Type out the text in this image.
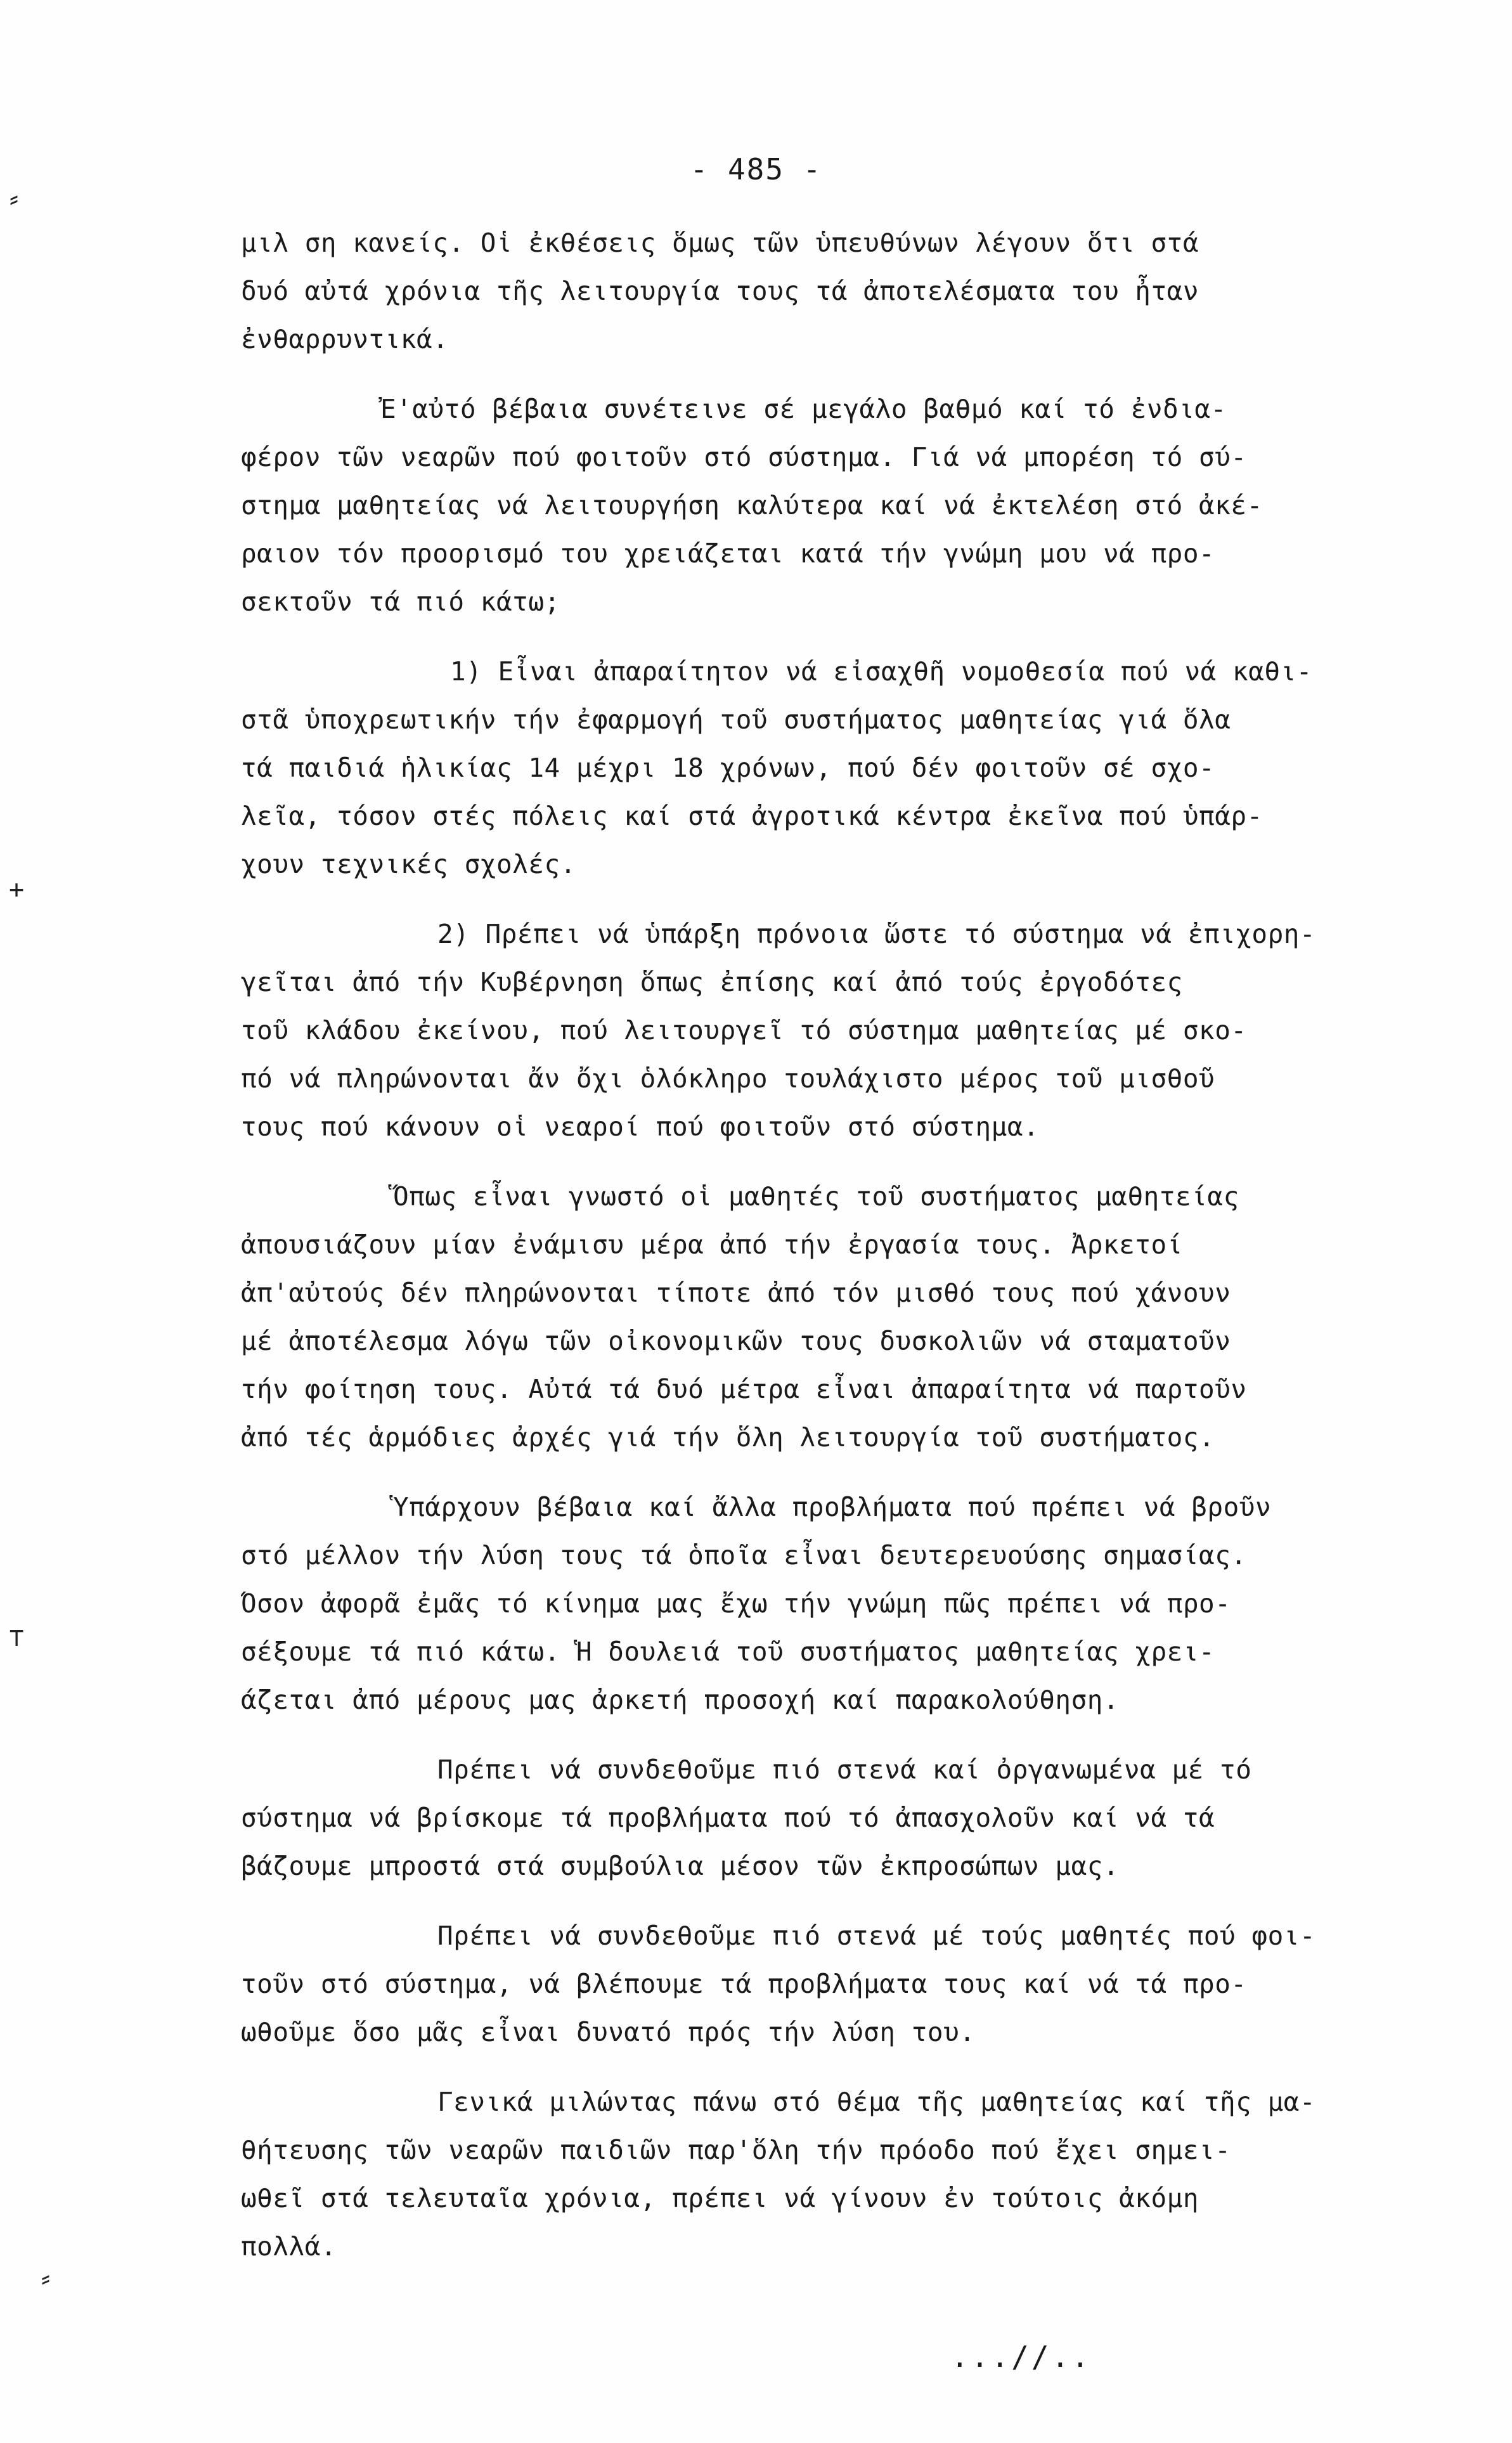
- 485 -
⸗
+
⊤
⸗
μιλ ση κανείς. Οἱ ἐκθέσεις ὅμως τῶν ὑπευθύνων λέγουν ὅτι στά
δυό αὐτά χρόνια τῆς λειτουργία τους τά ἀποτελέσματα του ἦταν
ἐνθαρρυντικά.
Ἐ'αὐτό βέβαια συνέτεινε σέ μεγάλο βαθμό καί τό ἐνδια-
φέρον τῶν νεαρῶν πού φοιτοῦν στό σύστημα. Γιά νά μπορέση τό σύ-
στημα μαθητείας νά λειτουργήση καλύτερα καί νά ἐκτελέση στό ἀκέ-
ραιον τόν προορισμό του χρειάζεται κατά τήν γνώμη μου νά προ-
σεκτοῦν τά πιό κάτω;
1) Εἶναι ἀπαραίτητον νά εἰσαχθῆ νομοθεσία πού νά καθι-
στᾶ ὑποχρεωτικήν τήν ἐφαρμογή τοῦ συστήματος μαθητείας γιά ὅλα
τά παιδιά ἡλικίας 14 μέχρι 18 χρόνων, πού δέν φοιτοῦν σέ σχο-
λεῖα, τόσον στές πόλεις καί στά ἀγροτικά κέντρα ἐκεῖνα πού ὑπάρ-
χουν τεχνικές σχολές.
2) Πρέπει νά ὑπάρξη πρόνοια ὥστε τό σύστημα νά ἐπιχορη-
γεῖται ἀπό τήν Κυβέρνηση ὅπως ἐπίσης καί ἀπό τούς ἐργοδότες
τοῦ κλάδου ἐκείνου, πού λειτουργεῖ τό σύστημα μαθητείας μέ σκο-
πό νά πληρώνονται ἄν ὄχι ὁλόκληρο τουλάχιστο μέρος τοῦ μισθοῦ
τους πού κάνουν οἱ νεαροί πού φοιτοῦν στό σύστημα.
Ὅπως εἶναι γνωστό οἱ μαθητές τοῦ συστήματος μαθητείας
ἀπουσιάζουν μίαν ἐνάμισυ μέρα ἀπό τήν ἐργασία τους. Ἀρκετοί
ἀπ'αὐτούς δέν πληρώνονται τίποτε ἀπό τόν μισθό τους πού χάνουν
μέ ἀποτέλεσμα λόγω τῶν οἰκονομικῶν τους δυσκολιῶν νά σταματοῦν
τήν φοίτηση τους. Αὐτά τά δυό μέτρα εἶναι ἀπαραίτητα νά παρτοῦν
ἀπό τές ἁρμόδιες ἀρχές γιά τήν ὅλη λειτουργία τοῦ συστήματος.
Ὑπάρχουν βέβαια καί ἄλλα προβλήματα πού πρέπει νά βροῦν
στό μέλλον τήν λύση τους τά ὁποῖα εἶναι δευτερευούσης σημασίας.
Ὅσον ἀφορᾶ ἐμᾶς τό κίνημα μας ἔχω τήν γνώμη πῶς πρέπει νά προ-
σέξουμε τά πιό κάτω. Ἡ δουλειά τοῦ συστήματος μαθητείας χρει-
άζεται ἀπό μέρους μας ἀρκετή προσοχή καί παρακολούθηση.
Πρέπει νά συνδεθοῦμε πιό στενά καί ὀργανωμένα μέ τό
σύστημα νά βρίσκομε τά προβλήματα πού τό ἀπασχολοῦν καί νά τά
βάζουμε μπροστά στά συμβούλια μέσον τῶν ἐκπροσώπων μας.
Πρέπει νά συνδεθοῦμε πιό στενά μέ τούς μαθητές πού φοι-
τοῦν στό σύστημα, νά βλέπουμε τά προβλήματα τους καί νά τά προ-
ωθοῦμε ὅσο μᾶς εἶναι δυνατό πρός τήν λύση του.
Γενικά μιλώντας πάνω στό θέμα τῆς μαθητείας καί τῆς μα-
θήτευσης τῶν νεαρῶν παιδιῶν παρ'ὅλη τήν πρόοδο πού ἔχει σημει-
ωθεῖ στά τελευταῖα χρόνια, πρέπει νά γίνουν ἐν τούτοις ἀκόμη
πολλά.
...//..
